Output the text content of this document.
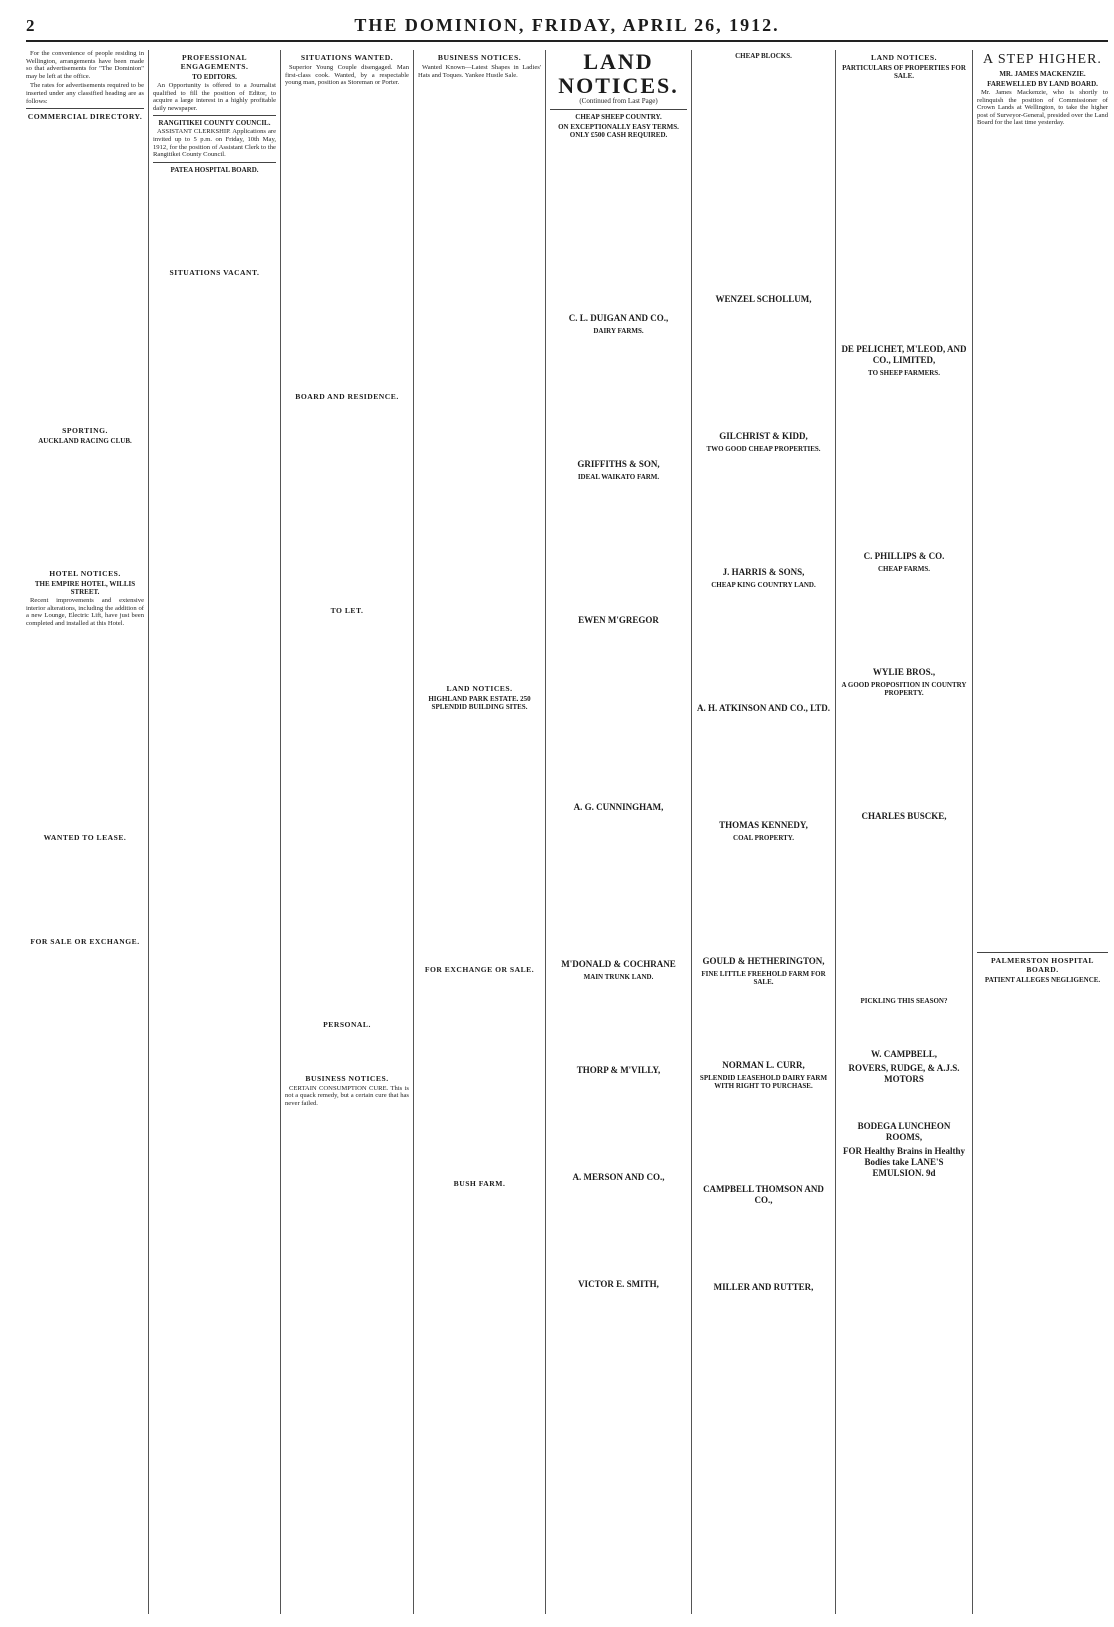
2	THE DOMINION, FRIDAY, APRIL 26, 1912.

For the convenience of people residing in Wellington, arrangements have been made so that advertisements for "The Dominion" may be left at the office.

The rates for advertisements required to be inserted under any classified heading are as follows:

COMMERCIAL DIRECTORY.
SPORTING.
AUCKLAND RACING CLUB.
HOTEL NOTICES.
THE EMPIRE HOTEL, WILLIS STREET.

Recent improvements and extensive interior alterations, including the addition of a new Lounge, Electric Lift, have just been completed and installed at this Hotel.

WANTED TO LEASE.
FOR SALE OR EXCHANGE.
PROFESSIONAL ENGAGEMENTS.
TO EDITORS.

An Opportunity is offered to a Journalist qualified to fill the position of Editor, to acquire a large interest in a highly profitable daily newspaper.

RANGITIKEI COUNTY COUNCIL.

ASSISTANT CLERKSHIP. Applications are invited up to 5 p.m. on Friday, 10th May, 1912, for the position of Assistant Clerk to the Rangitikei County Council.

PATEA HOSPITAL BOARD.
SITUATIONS VACANT.
SITUATIONS WANTED.

Superior Young Couple disengaged. Man first-class cook. Wanted, by a respectable young man, position as Storeman or Porter.

BOARD AND RESIDENCE.
TO LET.
PERSONAL.
BUSINESS NOTICES.

CERTAIN CONSUMPTION CURE. This is not a quack remedy, but a certain cure that has never failed.

BUSINESS NOTICES.

Wanted Known—Latest Shapes in Ladies' Hats and Toques. Yankee Hustle Sale.

LAND NOTICES.
HIGHLAND PARK ESTATE. 250 SPLENDID BUILDING SITES.
FOR EXCHANGE OR SALE.
BUSH FARM.
LAND NOTICES.
(Continued from Last Page)
CHEAP SHEEP COUNTRY.
ON EXCEPTIONALLY EASY TERMS. ONLY £500 CASH REQUIRED.
C. L. DUIGAN AND CO.,
DAIRY FARMS.
GRIFFITHS & SON,
IDEAL WAIKATO FARM.
EWEN M'GREGOR
A. G. CUNNINGHAM,
M'DONALD & COCHRANE
MAIN TRUNK LAND.
THORP & M'VILLY,
A. MERSON AND CO.,
VICTOR E. SMITH,
CHEAP BLOCKS.
WENZEL SCHOLLUM,
GILCHRIST & KIDD,
TWO GOOD CHEAP PROPERTIES.
J. HARRIS & SONS,
CHEAP KING COUNTRY LAND.
A. H. ATKINSON AND CO., LTD.
THOMAS KENNEDY,
COAL PROPERTY.
GOULD & HETHERINGTON,
FINE LITTLE FREEHOLD FARM FOR SALE.
NORMAN L. CURR,
SPLENDID LEASEHOLD DAIRY FARM WITH RIGHT TO PURCHASE.
CAMPBELL THOMSON AND CO.,
MILLER AND RUTTER,
LAND NOTICES.
PARTICULARS OF PROPERTIES FOR SALE.
DE PELICHET, M'LEOD, AND CO., LIMITED,
TO SHEEP FARMERS.
C. PHILLIPS & CO.
CHEAP FARMS.
WYLIE BROS.,
A GOOD PROPOSITION IN COUNTRY PROPERTY.
CHARLES BUSCKE,
PICKLING THIS SEASON?
W. CAMPBELL,
ROVERS, RUDGE, & A.J.S. MOTORS
BODEGA LUNCHEON ROOMS,
FOR Healthy Brains in Healthy Bodies take LANE'S EMULSION. 9d
A STEP HIGHER.
MR. JAMES MACKENZIE.
FAREWELLED BY LAND BOARD.

Mr. James Mackenzie, who is shortly to relinquish the position of Commissioner of Crown Lands at Wellington, to take the higher post of Surveyor-General, presided over the Land Board for the last time yesterday.

PALMERSTON HOSPITAL BOARD.
PATIENT ALLEGES NEGLIGENCE.
